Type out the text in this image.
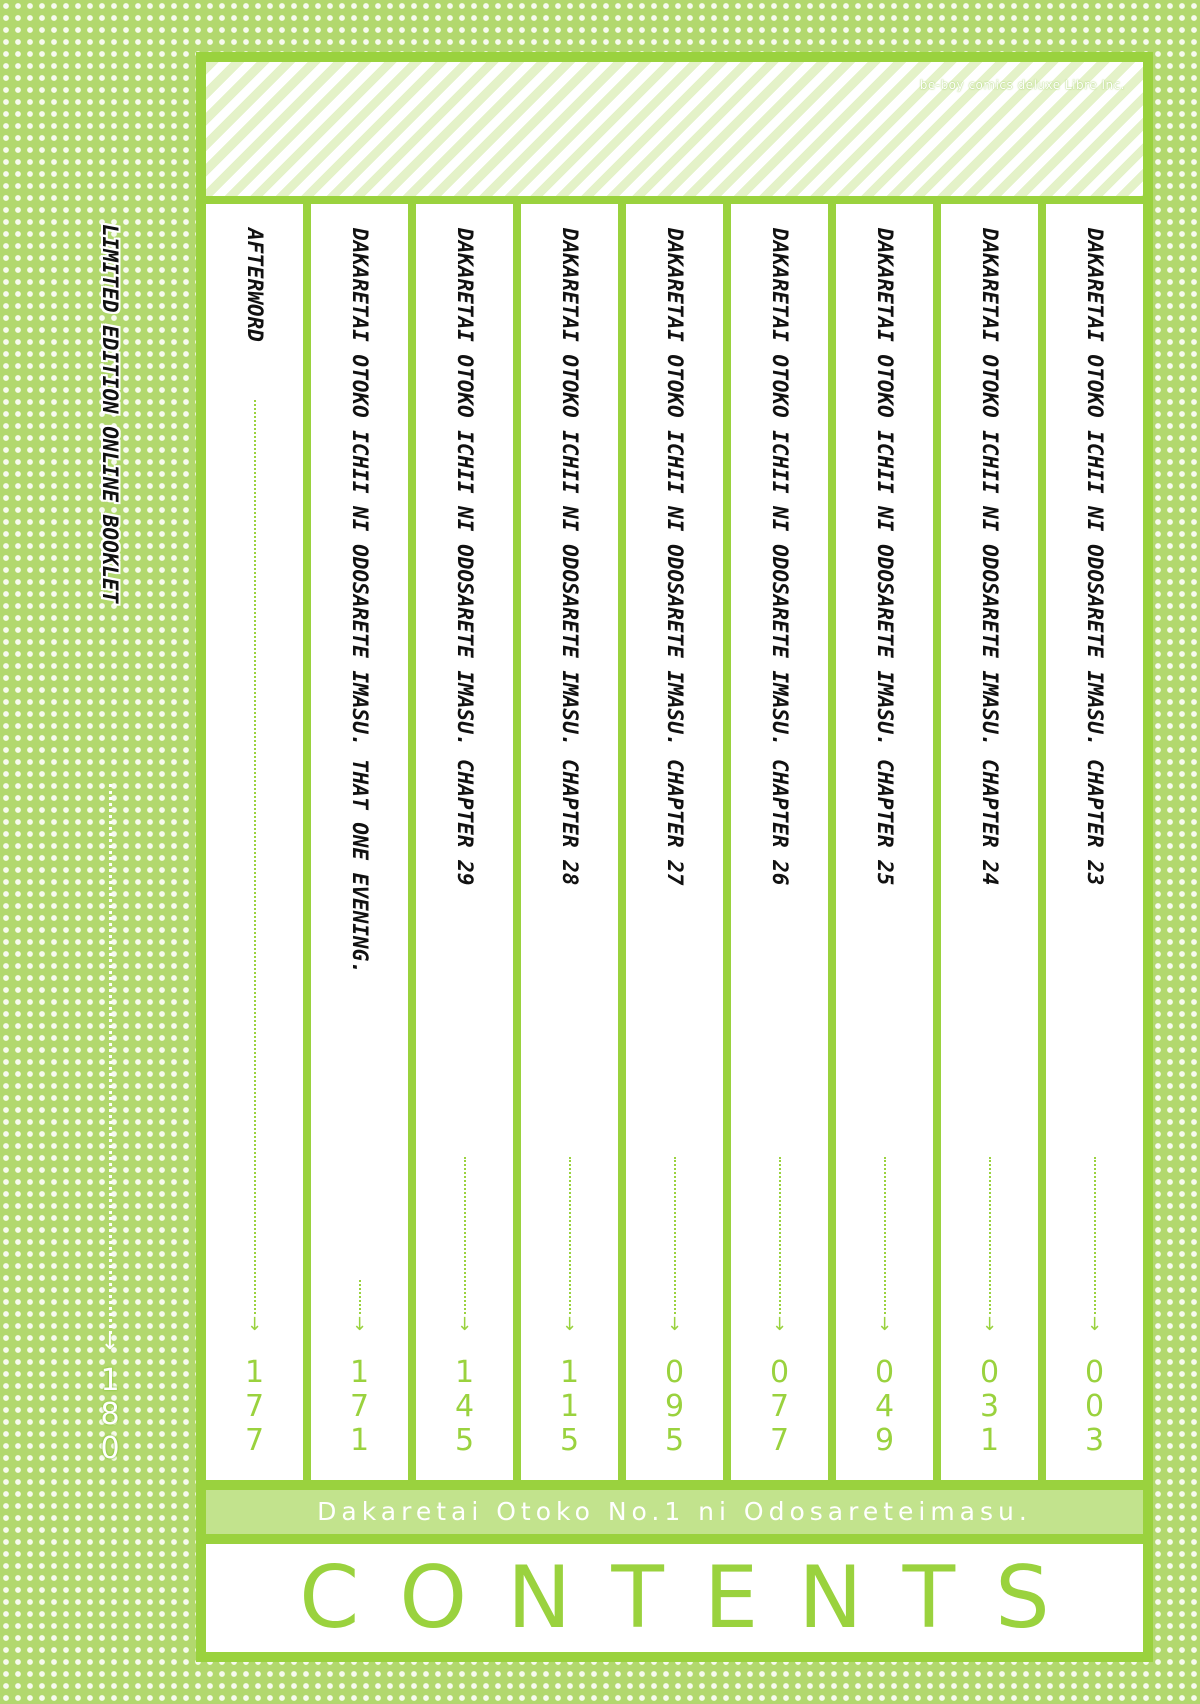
LIMITED EDITION ONLINE BOOKLET
↓
1
8
0
be-boy comics deluxe Libre Inc.
DAKARETAI OTOKO ICHII NI ODOSARETE IMASU. CHAPTER 23
↓
0
0
3
DAKARETAI OTOKO ICHII NI ODOSARETE IMASU. CHAPTER 24
↓
0
3
1
DAKARETAI OTOKO ICHII NI ODOSARETE IMASU. CHAPTER 25
↓
0
4
9
DAKARETAI OTOKO ICHII NI ODOSARETE IMASU. CHAPTER 26
↓
0
7
7
DAKARETAI OTOKO ICHII NI ODOSARETE IMASU. CHAPTER 27
↓
0
9
5
DAKARETAI OTOKO ICHII NI ODOSARETE IMASU. CHAPTER 28
↓
1
1
5
DAKARETAI OTOKO ICHII NI ODOSARETE IMASU. CHAPTER 29
↓
1
4
5
DAKARETAI OTOKO ICHII NI ODOSARETE IMASU. THAT ONE EVENING.
↓
1
7
1
AFTERWORD
↓
1
7
7
Dakaretai Otoko No.1 ni Odosareteimasu.
CONTENTS
